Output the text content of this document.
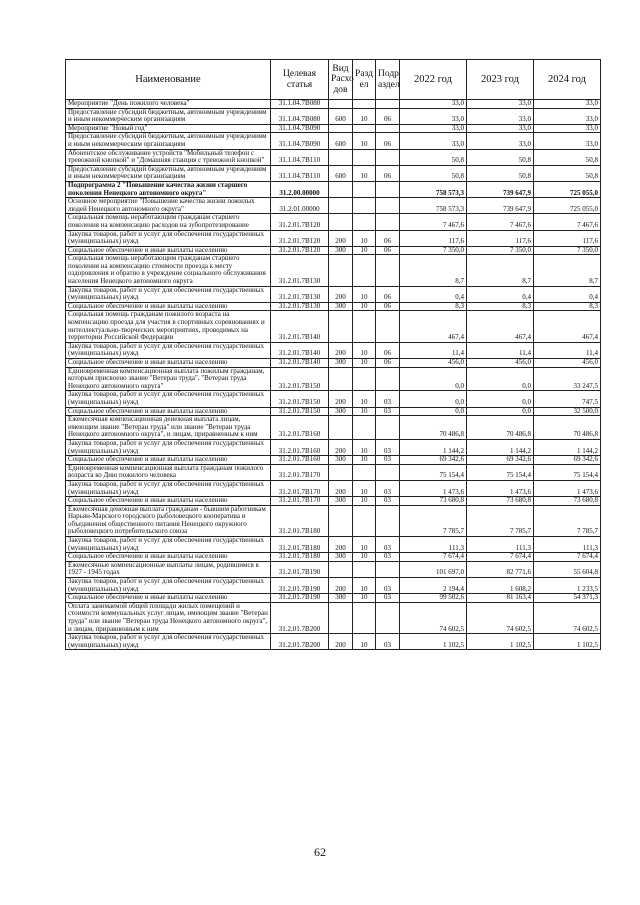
Наименование	Целевая статья	Вид Расхо дов	Разд ел	Подр аздел	2022 год	2023 год	2024 год
Мероприятие "День пожилого человека"	31.1.04.7В080				33,0	33,0	33,0
Предоставление субсидий бюджетным, автономным учреждениям и иным некоммерческим организациям	31.1.04.7В080	600	10	06	33,0	33,0	33,0
Мероприятие "Новый год"	31.1.04.7В090				33,0	33,0	33,0
Предоставление субсидий бюджетным, автономным учреждениям и иным некоммерческим организациям	31.1.04.7В090	600	10	06	33,0	33,0	33,0
Абонентское обслуживание устройств "Мобильный телефон с тревожной кнопкой" и "Домашняя станция с тревожной кнопкой"	31.1.04.7В110				50,8	50,8	50,8
Предоставление субсидий бюджетным, автономным учреждениям и иным некоммерческим организациям	31.1.04.7В110	600	10	06	50,8	50,8	50,8
Подпрограмма 2 "Повышение качества жизни старшего поколения Ненецкого автономного округа"	31.2.00.00000				758 573,3	739 647,9	725 055,0
Основное мероприятие "Повышение качества жизни пожилых людей Ненецкого автономного округа"	31.2.01.00000				758 573,3	739 647,9	725 055,0
Социальная помощь неработающим гражданам старшего поколения на компенсацию расходов на зубопротезирование	31.2.01.7В120				7 467,6	7 467,6	7 467,6
Закупка товаров, работ и услуг для обеспечения государственных (муниципальных) нужд	31.2.01.7В120	200	10	06	117,6	117,6	117,6
Социальное обеспечение и иные выплаты населению	31.2.01.7В120	300	10	06	7 350,0	7 350,0	7 350,0
Социальная помощь неработающим гражданам старшего поколения на компенсацию стоимости проезда к месту оздоровления и обратно в учреждение социального обслуживания населения Ненецкого автономного округа	31.2.01.7В130				8,7	8,7	8,7
Закупка товаров, работ и услуг для обеспечения государственных (муниципальных) нужд	31.2.01.7В130	200	10	06	0,4	0,4	0,4
Социальное обеспечение и иные выплаты населению	31.2.01.7В130	300	10	06	8,3	8,3	8,3
Социальная помощь гражданам пожилого возраста на компенсацию проезда для участия в спортивных соревнованиях и интеллектуально-творческих мероприятиях, проводимых на территории Российской Федерации	31.2.01.7В140				467,4	467,4	467,4
Закупка товаров, работ и услуг для обеспечения государственных (муниципальных) нужд	31.2.01.7В140	200	10	06	11,4	11,4	11,4
Социальное обеспечение и иные выплаты населению	31.2.01.7В140	300	10	06	456,0	456,0	456,0
Единовременная компенсационная выплата пожилым гражданам, которым присвоено звание "Ветеран труда", "Ветеран труда Ненецкого автономного округа"	31.2.01.7В150				0,0	0,0	33 247,5
Закупка товаров, работ и услуг для обеспечения государственных (муниципальных) нужд	31.2.01.7В150	200	10	03	0,0	0,0	747,5
Социальное обеспечение и иные выплаты населению	31.2.01.7В150	300	10	03	0,0	0,0	32 500,0
Ежемесячная компенсационная денежная выплата лицам, имеющим звание "Ветеран труда" или звание "Ветеран труда Ненецкого автономного округа", и лицам, приравненным к ним	31.2.01.7В160				70 486,8	70 486,8	70 486,8
Закупка товаров, работ и услуг для обеспечения государственных (муниципальных) нужд	31.2.01.7В160	200	10	03	1 144,2	1 144,2	1 144,2
Социальное обеспечение и иные выплаты населению	31.2.01.7В160	300	10	03	69 342,6	69 342,6	69 342,6
Единовременная компенсационная выплата гражданам пожилого возраста ко Дню пожилого человека	31.2.01.7В170				75 154,4	75 154,4	75 154,4
Закупка товаров, работ и услуг для обеспечения государственных (муниципальных) нужд	31.2.01.7В170	200	10	03	1 473,6	1 473,6	1 473,6
Социальное обеспечение и иные выплаты населению	31.2.01.7В170	300	10	03	73 680,8	73 680,8	73 680,8
Ежемесячная денежная выплата гражданам - бывшим работникам Нарьян-Марского городского рыболовецкого кооператива и объединения общественного питания Ненецкого окружного рыболовецкого потребительского союза	31.2.01.7В180				7 785,7	7 785,7	7 785,7
Закупка товаров, работ и услуг для обеспечения государственных (муниципальных) нужд	31.2.01.7В180	200	10	03	111,3	111,3	111,3
Социальное обеспечение и иные выплаты населению	31.2.01.7В180	300	10	03	7 674,4	7 674,4	7 674,4
Ежемесячные компенсационные выплаты лицам, родившимся в 1927 - 1945 годах	31.2.01.7В190				101 697,0	82 771,6	55 604,8
Закупка товаров, работ и услуг для обеспечения государственных (муниципальных) нужд	31.2.01.7В190	200	10	03	2 194,4	1 608,2	1 233,5
Социальное обеспечение и иные выплаты населению	31.2.01.7В190	300	10	03	99 502,6	81 163,4	54 371,3
Оплата занимаемой общей площади жилых помещений и стоимости коммунальных услуг лицам, имеющим звание "Ветеран труда" или звание "Ветеран труда Ненецкого автономного округа", и лицам, приравненным к ним	31.2.01.7В200				74 602,5	74 602,5	74 602,5
Закупка товаров, работ и услуг для обеспечения государственных (муниципальных) нужд	31.2.01.7В200	200	10	03	1 102,5	1 102,5	1 102,5
62
